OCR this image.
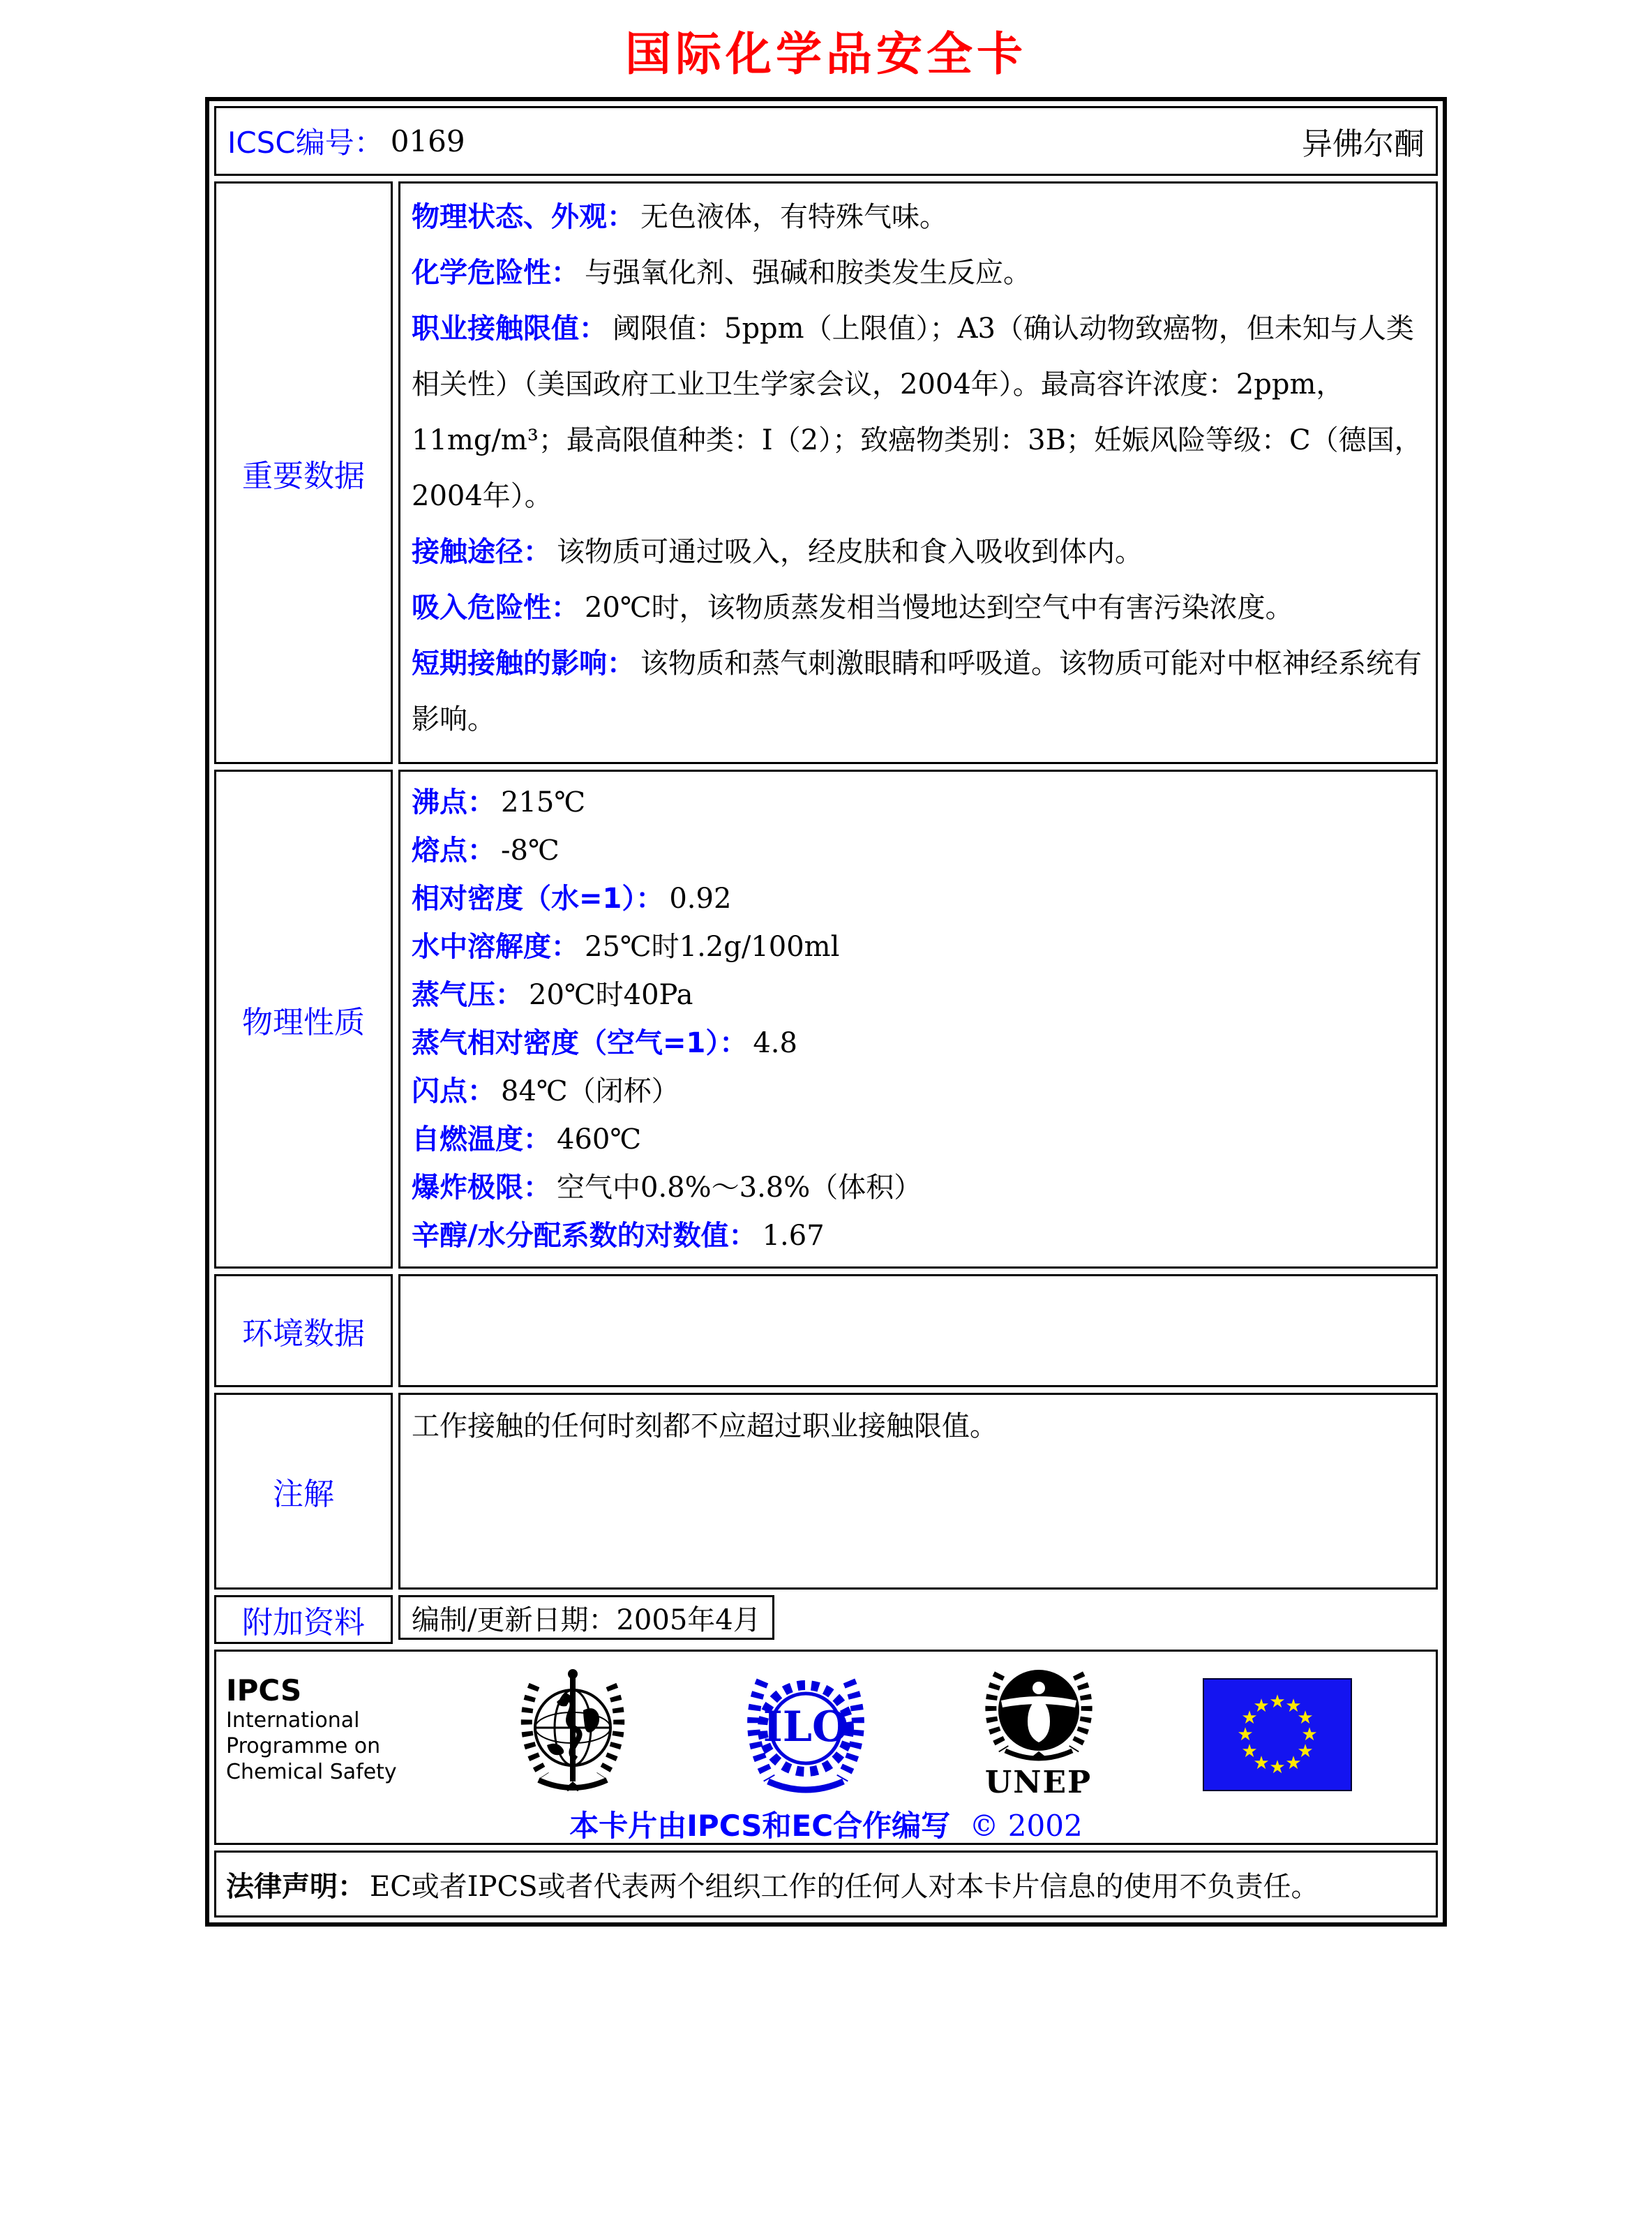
国际化学品安全卡
ICSC编号： 0169	异佛尔酮
重要数据
物理状态、外观： 无色液体，有特殊气味。
化学危险性： 与强氧化剂、强碱和胺类发生反应。
职业接触限值： 阈限值：5ppm（上限值）；A3（确认动物致癌物，但未知与人类相关性）（美国政府工业卫生学家会议，2004年）。最高容许浓度：2ppm，11mg/m³；最高限值种类：I（2）；致癌物类别：3B；妊娠风险等级：C（德国，2004年）。
接触途径： 该物质可通过吸入，经皮肤和食入吸收到体内。
吸入危险性： 20℃时，该物质蒸发相当慢地达到空气中有害污染浓度。
短期接触的影响： 该物质和蒸气刺激眼睛和呼吸道。该物质可能对中枢神经系统有影响。
物理性质
沸点： 215℃
熔点： -8℃
相对密度（水=1）： 0.92
水中溶解度： 25℃时1.2g/100ml
蒸气压： 20℃时40Pa
蒸气相对密度（空气=1）： 4.8
闪点： 84℃（闭杯）
自燃温度： 460℃
爆炸极限： 空气中0.8%～3.8%（体积）
辛醇/水分配系数的对数值： 1.67
环境数据
注解
工作接触的任何时刻都不应超过职业接触限值。
附加资料	编制/更新日期：2005年4月
IPCS
International
Programme on
Chemical Safety
ILO
UNEP
★ ★
★
★
★
★
★
★
★
★
★
★
本卡片由IPCS和EC合作编写 © 2002
法律声明： EC或者IPCS或者代表两个组织工作的任何人对本卡片信息的使用不负责任。
